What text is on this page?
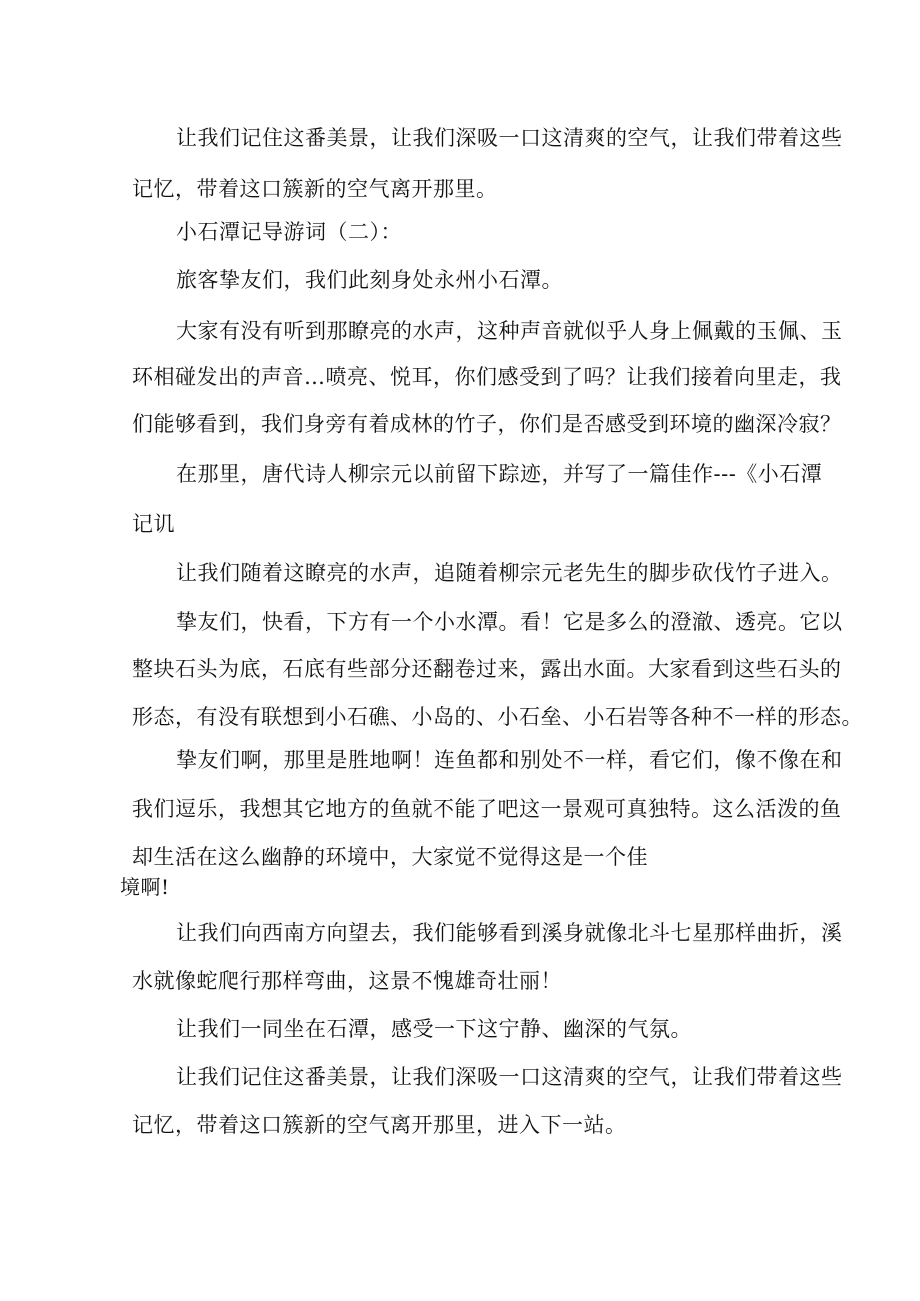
让我们记住这番美景，让我们深吸一口这清爽的空气，让我们带着这些

记忆，带着这口簇新的空气离开那里。

小石潭记导游词（二）：

旅客挚友们，我们此刻身处永州小石潭。

大家有没有听到那瞭亮的水声，这种声音就似乎人身上佩戴的玉佩、玉

环相碰发出的声音…喷亮、悦耳，你们感受到了吗？让我们接着向里走，我

们能够看到，我们身旁有着成林的竹子，你们是否感受到环境的幽深冷寂？

在那里，唐代诗人柳宗元以前留下踪迹，并写了一篇佳作---《小石潭

记讥

让我们随着这瞭亮的水声，追随着柳宗元老先生的脚步砍伐竹子进入。

挚友们，快看，下方有一个小水潭。看！它是多么的澄澈、透亮。它以

整块石头为底，石底有些部分还翻卷过来，露出水面。大家看到这些石头的

形态，有没有联想到小石礁、小岛的、小石垒、小石岩等各种不一样的形态。

挚友们啊，那里是胜地啊！连鱼都和别处不一样，看它们，像不像在和

我们逗乐，我想其它地方的鱼就不能了吧这一景观可真独特。这么活泼的鱼

却生活在这么幽静的环境中，大家觉不觉得这是一个佳

境啊!

让我们向西南方向望去，我们能够看到溪身就像北斗七星那样曲折，溪

水就像蛇爬行那样弯曲，这景不愧雄奇壮丽！

让我们一同坐在石潭，感受一下这宁静、幽深的气氛。

让我们记住这番美景，让我们深吸一口这清爽的空气，让我们带着这些

记忆，带着这口簇新的空气离开那里，进入下一站。
